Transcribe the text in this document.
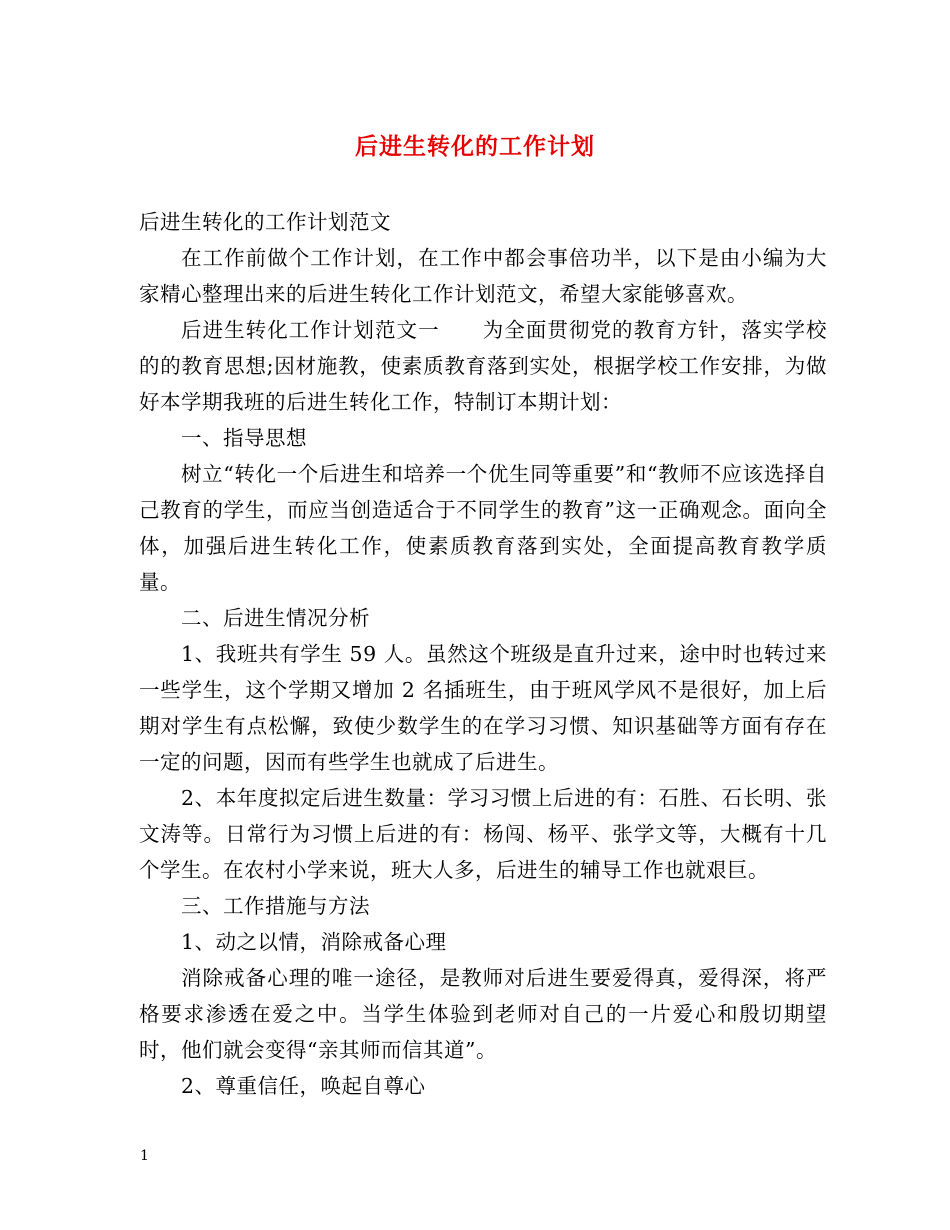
后进生转化的工作计划

后进生转化的工作计划范文

在工作前做个工作计划，在工作中都会事倍功半，以下是由小编为大家精心整理出来的后进生转化工作计划范文，希望大家能够喜欢。

后进生转化工作计划范文一　　为全面贯彻党的教育方针，落实学校的的教育思想;因材施教，使素质教育落到实处，根据学校工作安排，为做好本学期我班的后进生转化工作，特制订本期计划：

一、指导思想

树立“转化一个后进生和培养一个优生同等重要”和“教师不应该选择自己教育的学生，而应当创造适合于不同学生的教育”这一正确观念。面向全体，加强后进生转化工作，使素质教育落到实处，全面提高教育教学质量。

二、后进生情况分析

1、我班共有学生 59 人。虽然这个班级是直升过来，途中时也转过来一些学生，这个学期又增加 2 名插班生，由于班风学风不是很好，加上后期对学生有点松懈，致使少数学生的在学习习惯、知识基础等方面有存在一定的问题，因而有些学生也就成了后进生。

2、本年度拟定后进生数量：学习习惯上后进的有：石胜、石长明、张文涛等。日常行为习惯上后进的有：杨闯、杨平、张学文等，大概有十几个学生。在农村小学来说，班大人多，后进生的辅导工作也就艰巨。

三、工作措施与方法

1、动之以情，消除戒备心理

消除戒备心理的唯一途径，是教师对后进生要爱得真，爱得深，将严格要求渗透在爱之中。当学生体验到老师对自己的一片爱心和殷切期望时，他们就会变得“亲其师而信其道”。

2、尊重信任，唤起自尊心

1
